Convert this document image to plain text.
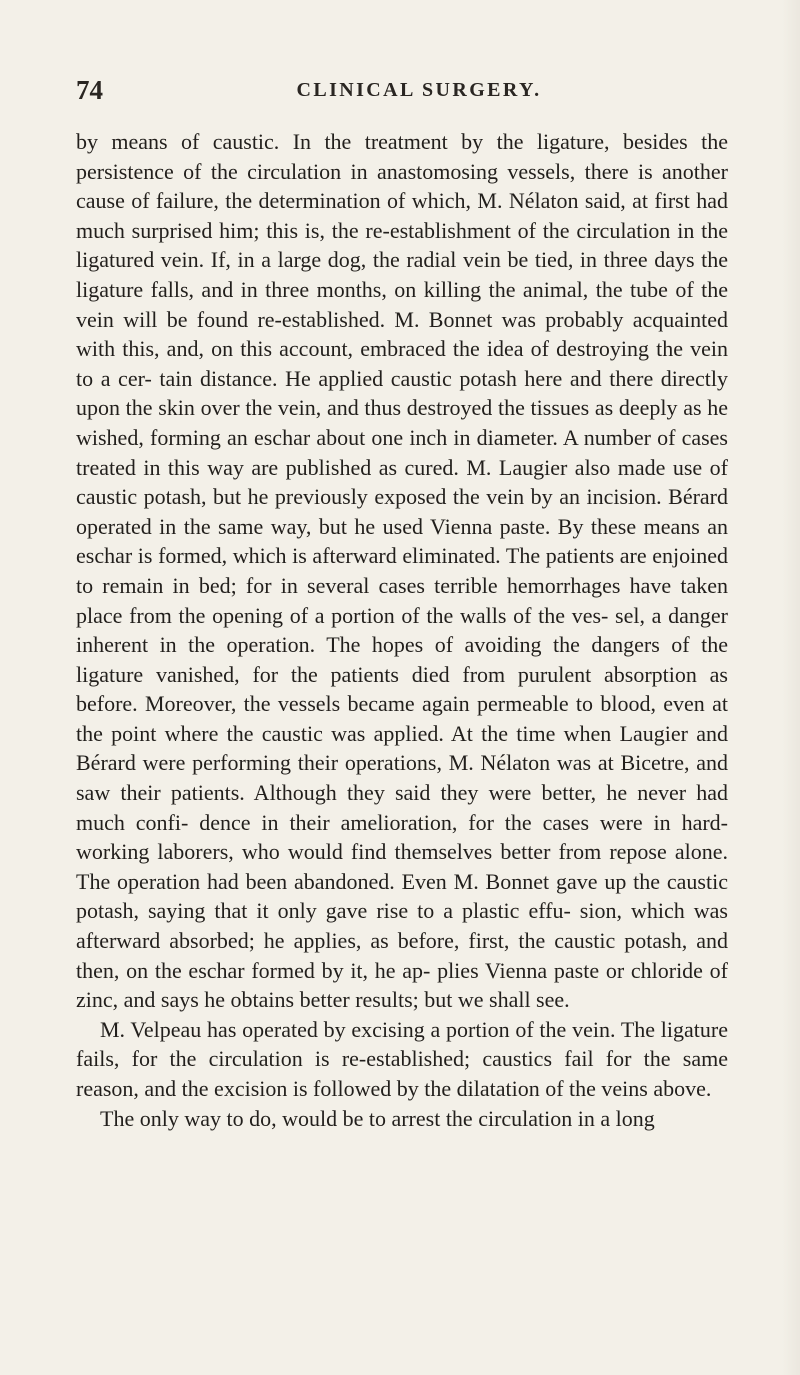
74	CLINICAL SURGERY.

by means of caustic. In the treatment by the ligature, besides the persistence of the circulation in anastomosing vessels, there is another cause of failure, the determination of which, M. Nélaton said, at first had much surprised him; this is, the re-establishment of the circulation in the ligatured vein. If, in a large dog, the radial vein be tied, in three days the ligature falls, and in three months, on killing the animal, the tube of the vein will be found re-established. M. Bonnet was probably acquainted with this, and, on this account, embraced the idea of destroying the vein to a cer- tain distance. He applied caustic potash here and there directly upon the skin over the vein, and thus destroyed the tissues as deeply as he wished, forming an eschar about one inch in diameter. A number of cases treated in this way are published as cured. M. Laugier also made use of caustic potash, but he previously exposed the vein by an incision. Bérard operated in the same way, but he used Vienna paste. By these means an eschar is formed, which is afterward eliminated. The patients are enjoined to remain in bed; for in several cases terrible hemorrhages have taken place from the opening of a portion of the walls of the ves- sel, a danger inherent in the operation. The hopes of avoiding the dangers of the ligature vanished, for the patients died from purulent absorption as before. Moreover, the vessels became again permeable to blood, even at the point where the caustic was applied. At the time when Laugier and Bérard were performing their operations, M. Nélaton was at Bicetre, and saw their patients. Although they said they were better, he never had much confi- dence in their amelioration, for the cases were in hard-working laborers, who would find themselves better from repose alone. The operation had been abandoned. Even M. Bonnet gave up the caustic potash, saying that it only gave rise to a plastic effu- sion, which was afterward absorbed; he applies, as before, first, the caustic potash, and then, on the eschar formed by it, he ap- plies Vienna paste or chloride of zinc, and says he obtains better results; but we shall see.

M. Velpeau has operated by excising a portion of the vein. The ligature fails, for the circulation is re-established; caustics fail for the same reason, and the excision is followed by the dilatation of the veins above.

The only way to do, would be to arrest the circulation in a long
